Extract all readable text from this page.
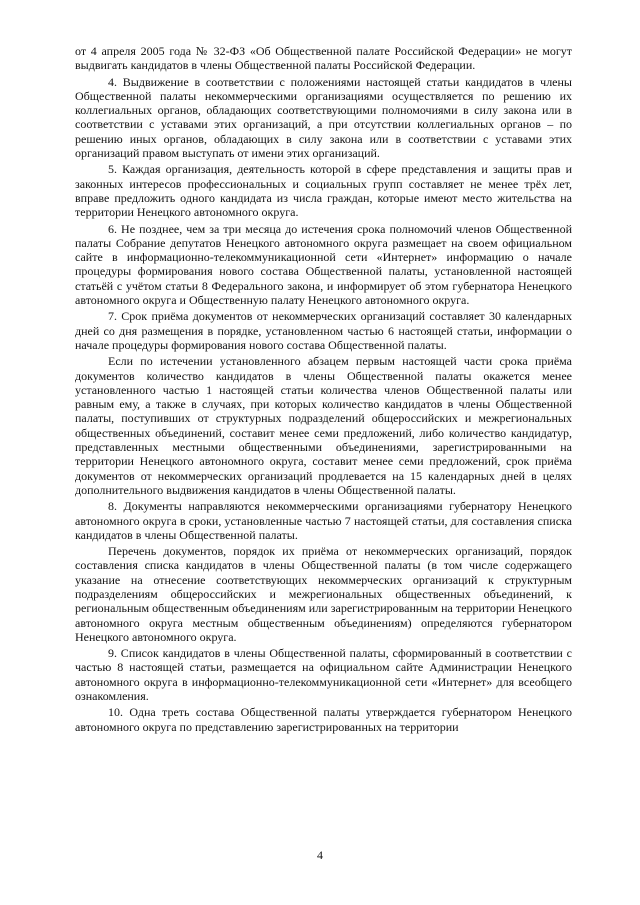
от 4 апреля 2005 года № 32-ФЗ «Об Общественной палате Российской Федерации» не могут выдвигать кандидатов в члены Общественной палаты Российской Федерации.

4. Выдвижение в соответствии с положениями настоящей статьи кандидатов в члены Общественной палаты некоммерческими организациями осуществляется по решению их коллегиальных органов, обладающих соответствующими полномочиями в силу закона или в соответствии с уставами этих организаций, а при отсутствии коллегиальных органов – по решению иных органов, обладающих в силу закона или в соответствии с уставами этих организаций правом выступать от имени этих организаций.

5. Каждая организация, деятельность которой в сфере представления и защиты прав и законных интересов профессиональных и социальных групп составляет не менее трёх лет, вправе предложить одного кандидата из числа граждан, которые имеют место жительства на территории Ненецкого автономного округа.

6. Не позднее, чем за три месяца до истечения срока полномочий членов Общественной палаты Собрание депутатов Ненецкого автономного округа размещает на своем официальном сайте в информационно-телекоммуникационной сети «Интернет» информацию о начале процедуры формирования нового состава Общественной палаты, установленной настоящей статьёй с учётом статьи 8 Федерального закона, и информирует об этом губернатора Ненецкого автономного округа и Общественную палату Ненецкого автономного округа.

7. Срок приёма документов от некоммерческих организаций составляет 30 календарных дней со дня размещения в порядке, установленном частью 6 настоящей статьи, информации о начале процедуры формирования нового состава Общественной палаты.

Если по истечении установленного абзацем первым настоящей части срока приёма документов количество кандидатов в члены Общественной палаты окажется менее установленного частью 1 настоящей статьи количества членов Общественной палаты или равным ему, а также в случаях, при которых количество кандидатов в члены Общественной палаты, поступивших от структурных подразделений общероссийских и межрегиональных общественных объединений, составит менее семи предложений, либо количество кандидатур, представленных местными общественными объединениями, зарегистрированными на территории Ненецкого автономного округа, составит менее семи предложений, срок приёма документов от некоммерческих организаций продлевается на 15 календарных дней в целях дополнительного выдвижения кандидатов в члены Общественной палаты.

8. Документы направляются некоммерческими организациями губернатору Ненецкого автономного округа в сроки, установленные частью 7 настоящей статьи, для составления списка кандидатов в члены Общественной палаты.

Перечень документов, порядок их приёма от некоммерческих организаций, порядок составления списка кандидатов в члены Общественной палаты (в том числе содержащего указание на отнесение соответствующих некоммерческих организаций к структурным подразделениям общероссийских и межрегиональных общественных объединений, к региональным общественным объединениям или зарегистрированным на территории Ненецкого автономного округа местным общественным объединениям) определяются губернатором Ненецкого автономного округа.

9. Список кандидатов в члены Общественной палаты, сформированный в соответствии с частью 8 настоящей статьи, размещается на официальном сайте Администрации Ненецкого автономного округа в информационно-телекоммуникационной сети «Интернет» для всеобщего ознакомления.

10. Одна треть состава Общественной палаты утверждается губернатором Ненецкого автономного округа по представлению зарегистрированных на территории

4
